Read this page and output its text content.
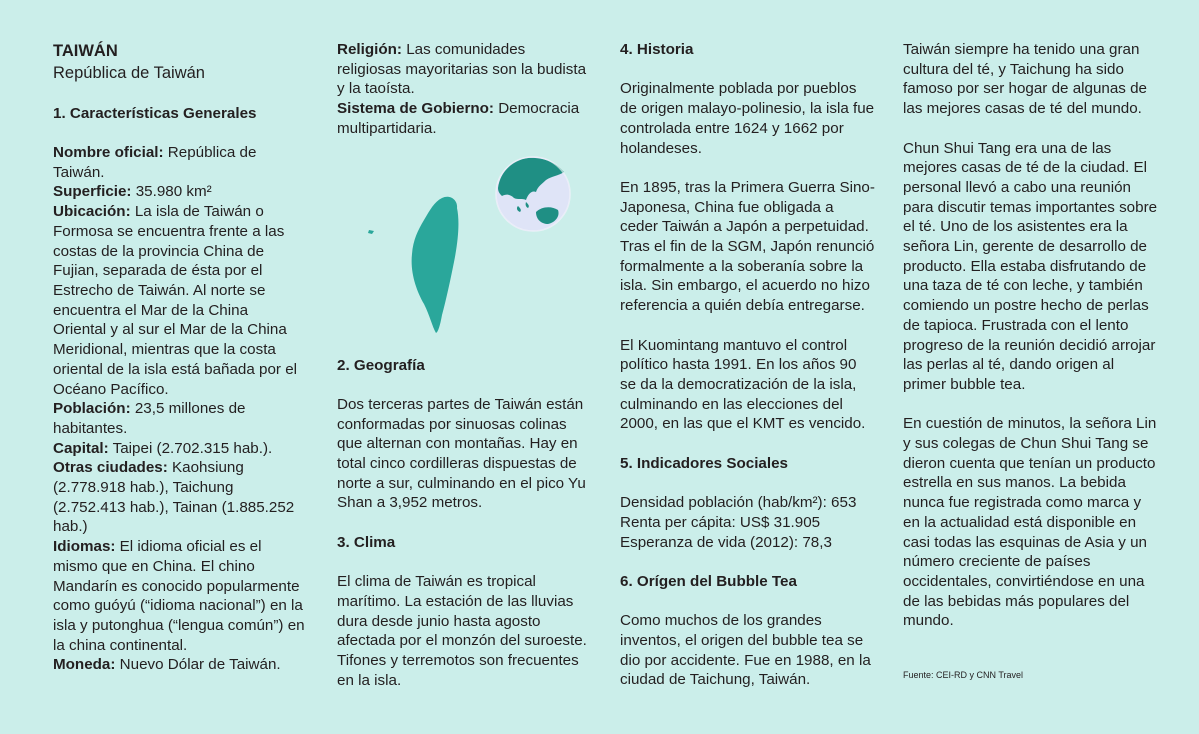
TAIWÁN

República de Taiwán

1. Características Generales

Nombre oficial: República de Taiwán.

Superficie: 35.980 km²

Ubicación: La isla de Taiwán o Formosa se encuentra frente a las costas de la provincia China de Fujian, separada de ésta por el Estrecho de Taiwán. Al norte se encuentra el Mar de la China Oriental y al sur el Mar de la China Meridional, mientras que la costa oriental de la isla está bañada por el Océano Pacífico.

Población: 23,5 millones de habitantes.

Capital: Taipei (2.702.315 hab.).

Otras ciudades: Kaohsiung (2.778.918 hab.), Taichung (2.752.413 hab.), Tainan (1.885.252 hab.)

Idiomas: El idioma oficial es el mismo que en China. El chino Mandarín es conocido popularmente como guóyú (“idioma nacional”) en la isla y putonghua (“lengua común”) en la china continental.

Moneda: Nuevo Dólar de Taiwán.

Religión: Las comunidades religiosas mayoritarias son la budista y la taoísta.

Sistema de Gobierno: Democracia multipartidaria.

2. Geografía

Dos terceras partes de Taiwán están conformadas por sinuosas colinas que alternan con montañas. Hay en total cinco cordilleras dispuestas de norte a sur, culminando en el pico Yu Shan a 3,952 metros.

3. Clima

El clima de Taiwán es tropical marítimo. La estación de las lluvias dura desde junio hasta agosto afectada por el monzón del suroeste. Tifones y terremotos son frecuentes en la isla.

4. Historia

Originalmente poblada por pueblos de origen malayo-polinesio, la isla fue controlada entre 1624 y 1662 por holandeses.

En 1895, tras la Primera Guerra Sino-Japonesa, China fue obligada a ceder Taiwán a Japón a perpetuidad. Tras el fin de la SGM, Japón renunció formalmente a la soberanía sobre la isla. Sin embargo, el acuerdo no hizo referencia a quién debía entregarse.

El Kuomintang mantuvo el control político hasta 1991. En los años 90 se da la democratización de la isla, culminando en las elecciones del 2000, en las que el KMT es vencido.

5. Indicadores Sociales

Densidad población (hab/km²): 653

Renta per cápita: US$ 31.905

Esperanza de vida (2012): 78,3

6. Orígen del Bubble Tea

Como muchos de los grandes inventos, el origen del bubble tea se dio por accidente. Fue en 1988, en la ciudad de Taichung, Taiwán.

Taiwán siempre ha tenido una gran cultura del té, y Taichung ha sido famoso por ser hogar de algunas de las mejores casas de té del mundo.

Chun Shui Tang era una de las mejores casas de té de la ciudad. El personal llevó a cabo una reunión para discutir temas importantes sobre el té. Uno de los asistentes era la señora Lin, gerente de desarrollo de producto. Ella estaba disfrutando de una taza de té con leche, y también comiendo un postre hecho de perlas de tapioca. Frustrada con el lento progreso de la reunión decidió arrojar las perlas al té, dando origen al primer bubble tea.

En cuestión de minutos, la señora Lin y sus colegas de Chun Shui Tang se dieron cuenta que tenían un producto estrella en sus manos. La bebida nunca fue registrada como marca y en la actualidad está disponible en casi todas las esquinas de Asia y un número creciente de países occidentales, convirtiéndose en una de las bebidas más populares del mundo.

Fuente: CEI-RD y CNN Travel
